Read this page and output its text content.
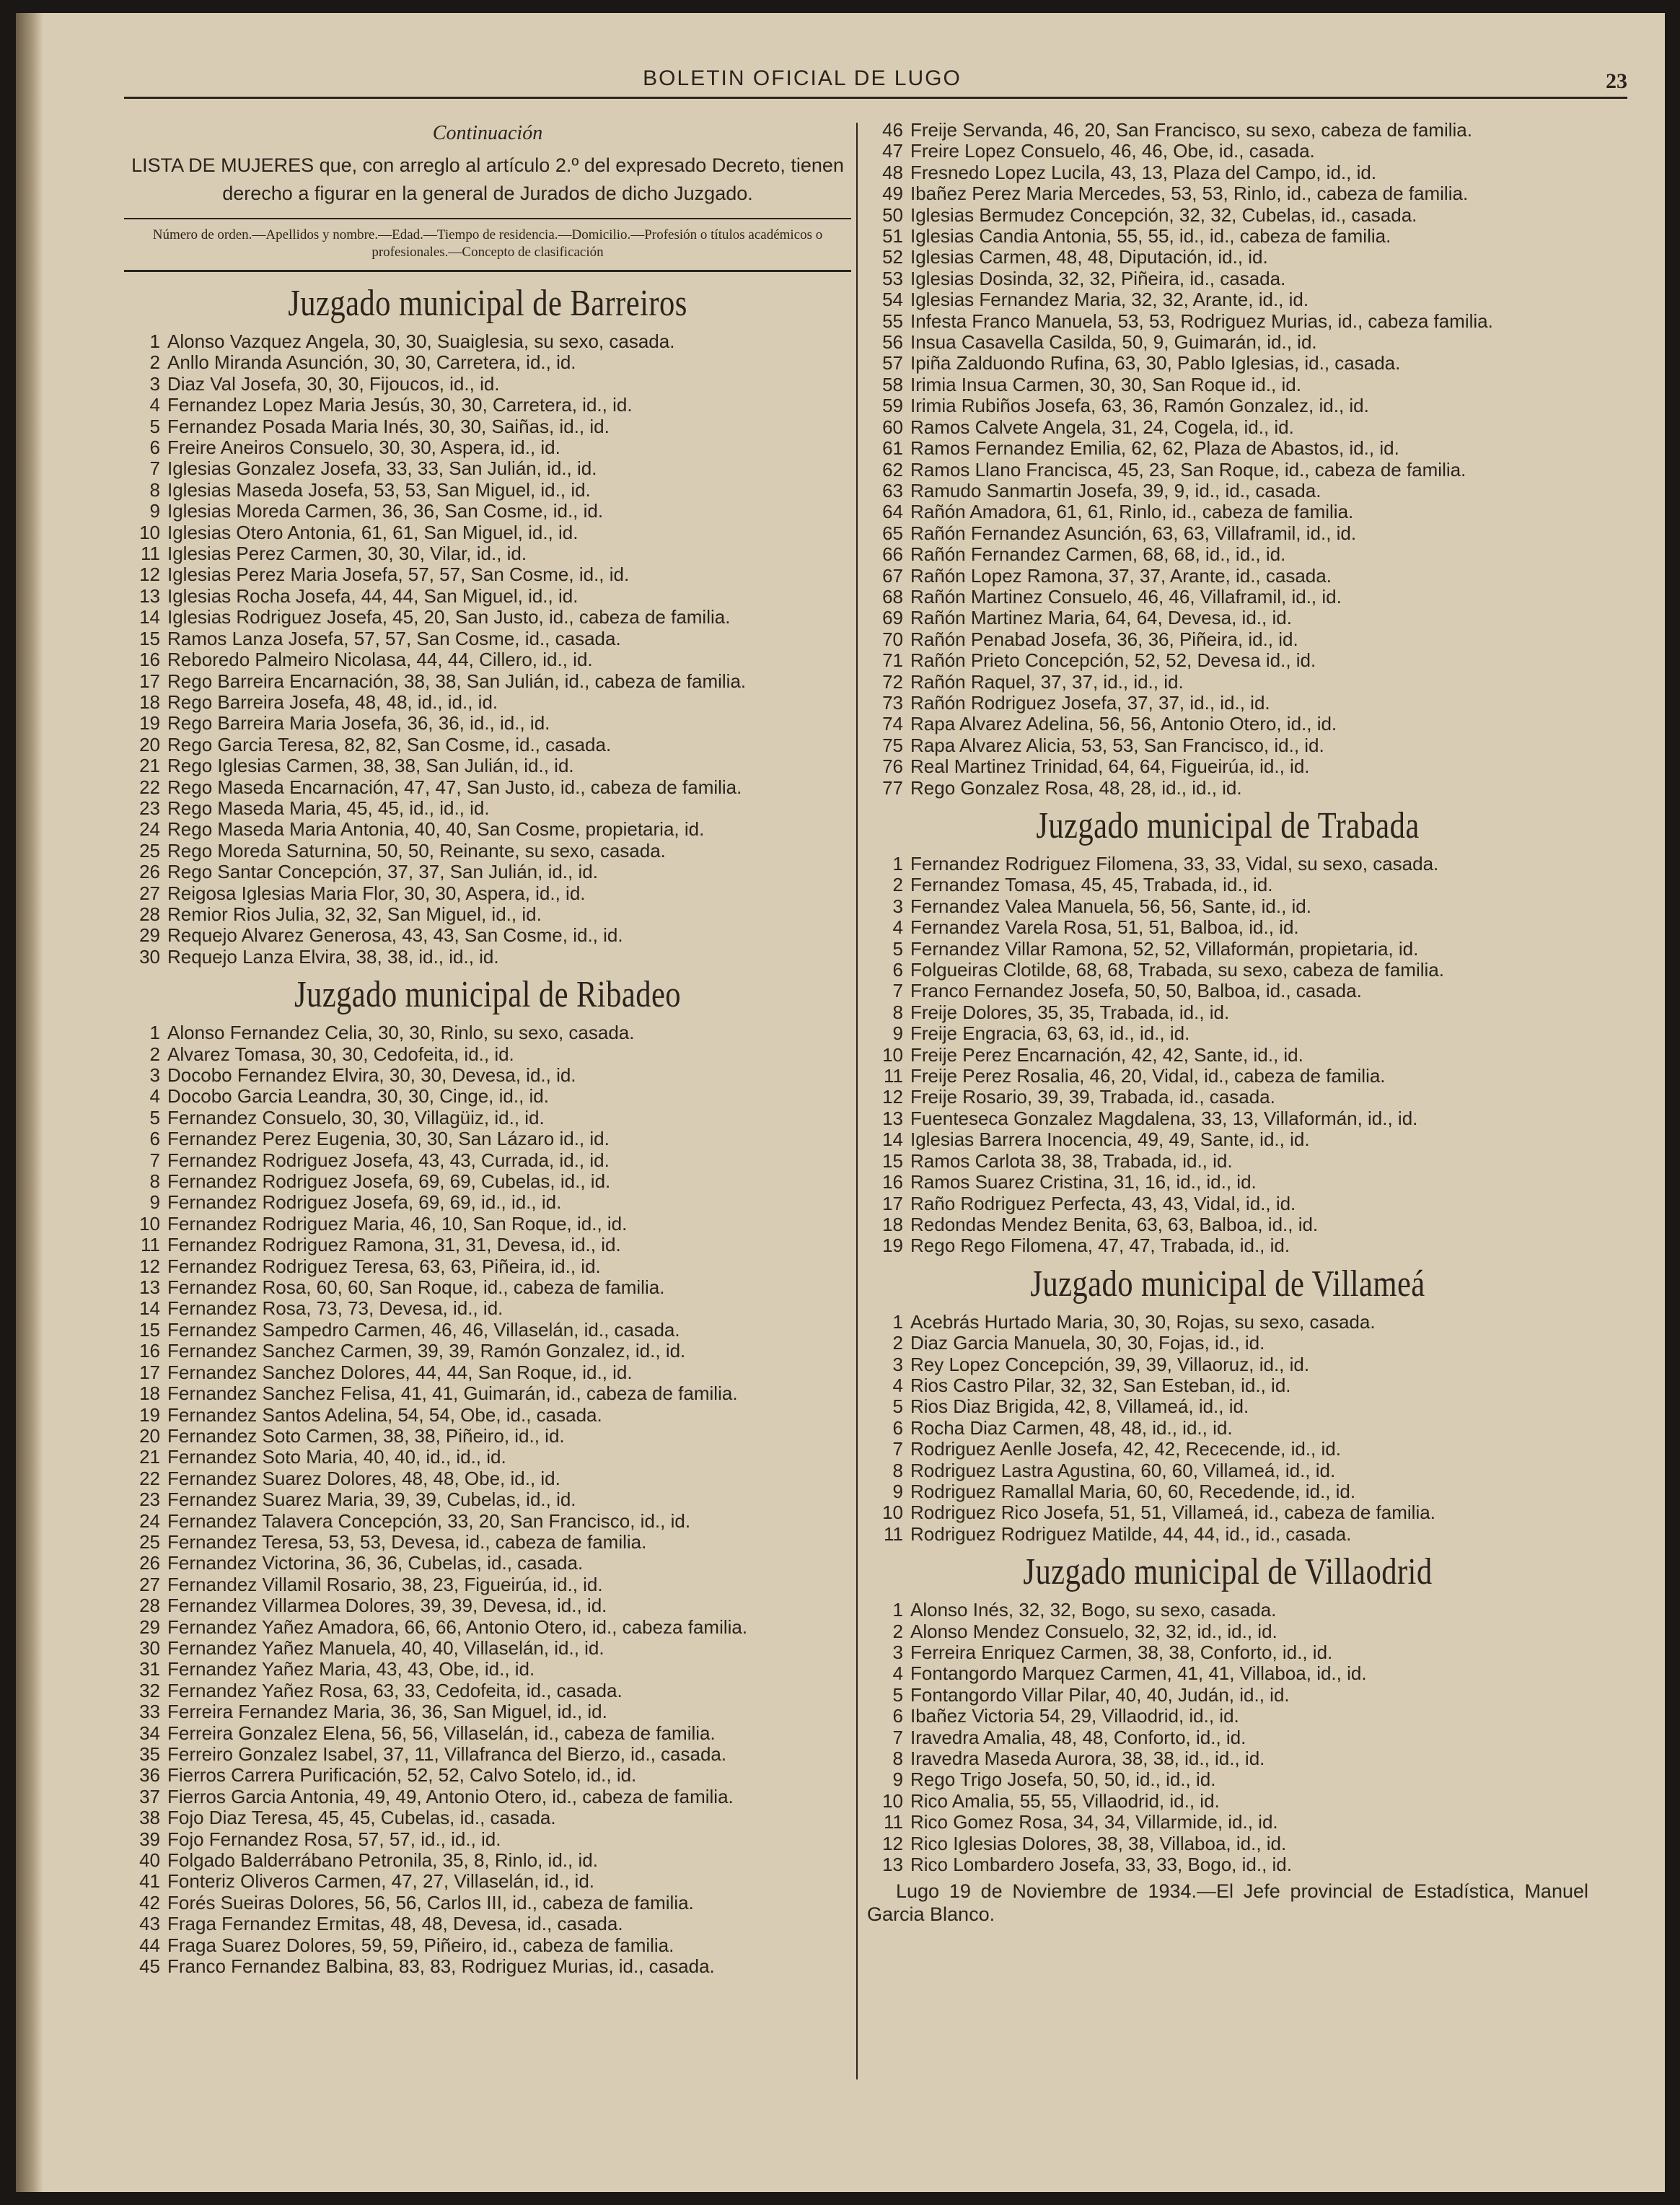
BOLETIN OFICIAL DE LUGO	23
Continuación
LISTA DE MUJERES que, con arreglo al artículo 2.º del expresado Decreto, tienen derecho a figurar en la general de Jurados de dicho Juzgado.
Número de orden.—Apellidos y nombre.—Edad.—Tiempo de residencia.—Domicilio.—Profesión o títulos académicos o profesionales.—Concepto de clasificación
Juzgado municipal de Barreiros
1 Alonso Vazquez Angela, 30, 30, Suaiglesia, su sexo, casada.
2 Anllo Miranda Asunción, 30, 30, Carretera, id., id.
3 Diaz Val Josefa, 30, 30, Fijoucos, id., id.
4 Fernandez Lopez Maria Jesús, 30, 30, Carretera, id., id.
5 Fernandez Posada Maria Inés, 30, 30, Saiñas, id., id.
6 Freire Aneiros Consuelo, 30, 30, Aspera, id., id.
7 Iglesias Gonzalez Josefa, 33, 33, San Julián, id., id.
8 Iglesias Maseda Josefa, 53, 53, San Miguel, id., id.
9 Iglesias Moreda Carmen, 36, 36, San Cosme, id., id.
10 Iglesias Otero Antonia, 61, 61, San Miguel, id., id.
11 Iglesias Perez Carmen, 30, 30, Vilar, id., id.
12 Iglesias Perez Maria Josefa, 57, 57, San Cosme, id., id.
13 Iglesias Rocha Josefa, 44, 44, San Miguel, id., id.
14 Iglesias Rodriguez Josefa, 45, 20, San Justo, id., cabeza de familia.
15 Ramos Lanza Josefa, 57, 57, San Cosme, id., casada.
16 Reboredo Palmeiro Nicolasa, 44, 44, Cillero, id., id.
17 Rego Barreira Encarnación, 38, 38, San Julián, id., cabeza de familia.
18 Rego Barreira Josefa, 48, 48, id., id., id.
19 Rego Barreira Maria Josefa, 36, 36, id., id., id.
20 Rego Garcia Teresa, 82, 82, San Cosme, id., casada.
21 Rego Iglesias Carmen, 38, 38, San Julián, id., id.
22 Rego Maseda Encarnación, 47, 47, San Justo, id., cabeza de familia.
23 Rego Maseda Maria, 45, 45, id., id., id.
24 Rego Maseda Maria Antonia, 40, 40, San Cosme, propietaria, id.
25 Rego Moreda Saturnina, 50, 50, Reinante, su sexo, casada.
26 Rego Santar Concepción, 37, 37, San Julián, id., id.
27 Reigosa Iglesias Maria Flor, 30, 30, Aspera, id., id.
28 Remior Rios Julia, 32, 32, San Miguel, id., id.
29 Requejo Alvarez Generosa, 43, 43, San Cosme, id., id.
30 Requejo Lanza Elvira, 38, 38, id., id., id.
Juzgado municipal de Ribadeo
1 Alonso Fernandez Celia, 30, 30, Rinlo, su sexo, casada.
2 Alvarez Tomasa, 30, 30, Cedofeita, id., id.
3 Docobo Fernandez Elvira, 30, 30, Devesa, id., id.
4 Docobo Garcia Leandra, 30, 30, Cinge, id., id.
5 Fernandez Consuelo, 30, 30, Villagüiz, id., id.
6 Fernandez Perez Eugenia, 30, 30, San Lázaro id., id.
7 Fernandez Rodriguez Josefa, 43, 43, Currada, id., id.
8 Fernandez Rodriguez Josefa, 69, 69, Cubelas, id., id.
9 Fernandez Rodriguez Josefa, 69, 69, id., id., id.
10 Fernandez Rodriguez Maria, 46, 10, San Roque, id., id.
11 Fernandez Rodriguez Ramona, 31, 31, Devesa, id., id.
12 Fernandez Rodriguez Teresa, 63, 63, Piñeira, id., id.
13 Fernandez Rosa, 60, 60, San Roque, id., cabeza de familia.
14 Fernandez Rosa, 73, 73, Devesa, id., id.
15 Fernandez Sampedro Carmen, 46, 46, Villaselán, id., casada.
16 Fernandez Sanchez Carmen, 39, 39, Ramón Gonzalez, id., id.
17 Fernandez Sanchez Dolores, 44, 44, San Roque, id., id.
18 Fernandez Sanchez Felisa, 41, 41, Guimarán, id., cabeza de familia.
19 Fernandez Santos Adelina, 54, 54, Obe, id., casada.
20 Fernandez Soto Carmen, 38, 38, Piñeiro, id., id.
21 Fernandez Soto Maria, 40, 40, id., id., id.
22 Fernandez Suarez Dolores, 48, 48, Obe, id., id.
23 Fernandez Suarez Maria, 39, 39, Cubelas, id., id.
24 Fernandez Talavera Concepción, 33, 20, San Francisco, id., id.
25 Fernandez Teresa, 53, 53, Devesa, id., cabeza de familia.
26 Fernandez Victorina, 36, 36, Cubelas, id., casada.
27 Fernandez Villamil Rosario, 38, 23, Figueirúa, id., id.
28 Fernandez Villarmea Dolores, 39, 39, Devesa, id., id.
29 Fernandez Yañez Amadora, 66, 66, Antonio Otero, id., cabeza familia.
30 Fernandez Yañez Manuela, 40, 40, Villaselán, id., id.
31 Fernandez Yañez Maria, 43, 43, Obe, id., id.
32 Fernandez Yañez Rosa, 63, 33, Cedofeita, id., casada.
33 Ferreira Fernandez Maria, 36, 36, San Miguel, id., id.
34 Ferreira Gonzalez Elena, 56, 56, Villaselán, id., cabeza de familia.
35 Ferreiro Gonzalez Isabel, 37, 11, Villafranca del Bierzo, id., casada.
36 Fierros Carrera Purificación, 52, 52, Calvo Sotelo, id., id.
37 Fierros Garcia Antonia, 49, 49, Antonio Otero, id., cabeza de familia.
38 Fojo Diaz Teresa, 45, 45, Cubelas, id., casada.
39 Fojo Fernandez Rosa, 57, 57, id., id., id.
40 Folgado Balderrábano Petronila, 35, 8, Rinlo, id., id.
41 Fonteriz Oliveros Carmen, 47, 27, Villaselán, id., id.
42 Forés Sueiras Dolores, 56, 56, Carlos III, id., cabeza de familia.
43 Fraga Fernandez Ermitas, 48, 48, Devesa, id., casada.
44 Fraga Suarez Dolores, 59, 59, Piñeiro, id., cabeza de familia.
45 Franco Fernandez Balbina, 83, 83, Rodriguez Murias, id., casada.
46 Freije Servanda, 46, 20, San Francisco, su sexo, cabeza de familia.
47 Freire Lopez Consuelo, 46, 46, Obe, id., casada.
48 Fresnedo Lopez Lucila, 43, 13, Plaza del Campo, id., id.
49 Ibañez Perez Maria Mercedes, 53, 53, Rinlo, id., cabeza de familia.
50 Iglesias Bermudez Concepción, 32, 32, Cubelas, id., casada.
51 Iglesias Candia Antonia, 55, 55, id., id., cabeza de familia.
52 Iglesias Carmen, 48, 48, Diputación, id., id.
53 Iglesias Dosinda, 32, 32, Piñeira, id., casada.
54 Iglesias Fernandez Maria, 32, 32, Arante, id., id.
55 Infesta Franco Manuela, 53, 53, Rodriguez Murias, id., cabeza familia.
56 Insua Casavella Casilda, 50, 9, Guimarán, id., id.
57 Ipiña Zalduondo Rufina, 63, 30, Pablo Iglesias, id., casada.
58 Irimia Insua Carmen, 30, 30, San Roque id., id.
59 Irimia Rubiños Josefa, 63, 36, Ramón Gonzalez, id., id.
60 Ramos Calvete Angela, 31, 24, Cogela, id., id.
61 Ramos Fernandez Emilia, 62, 62, Plaza de Abastos, id., id.
62 Ramos Llano Francisca, 45, 23, San Roque, id., cabeza de familia.
63 Ramudo Sanmartin Josefa, 39, 9, id., id., casada.
64 Rañón Amadora, 61, 61, Rinlo, id., cabeza de familia.
65 Rañón Fernandez Asunción, 63, 63, Villaframil, id., id.
66 Rañón Fernandez Carmen, 68, 68, id., id., id.
67 Rañón Lopez Ramona, 37, 37, Arante, id., casada.
68 Rañón Martinez Consuelo, 46, 46, Villaframil, id., id.
69 Rañón Martinez Maria, 64, 64, Devesa, id., id.
70 Rañón Penabad Josefa, 36, 36, Piñeira, id., id.
71 Rañón Prieto Concepción, 52, 52, Devesa id., id.
72 Rañón Raquel, 37, 37, id., id., id.
73 Rañón Rodriguez Josefa, 37, 37, id., id., id.
74 Rapa Alvarez Adelina, 56, 56, Antonio Otero, id., id.
75 Rapa Alvarez Alicia, 53, 53, San Francisco, id., id.
76 Real Martinez Trinidad, 64, 64, Figueirúa, id., id.
77 Rego Gonzalez Rosa, 48, 28, id., id., id.
Juzgado municipal de Trabada
1 Fernandez Rodriguez Filomena, 33, 33, Vidal, su sexo, casada.
2 Fernandez Tomasa, 45, 45, Trabada, id., id.
3 Fernandez Valea Manuela, 56, 56, Sante, id., id.
4 Fernandez Varela Rosa, 51, 51, Balboa, id., id.
5 Fernandez Villar Ramona, 52, 52, Villaformán, propietaria, id.
6 Folgueiras Clotilde, 68, 68, Trabada, su sexo, cabeza de familia.
7 Franco Fernandez Josefa, 50, 50, Balboa, id., casada.
8 Freije Dolores, 35, 35, Trabada, id., id.
9 Freije Engracia, 63, 63, id., id., id.
10 Freije Perez Encarnación, 42, 42, Sante, id., id.
11 Freije Perez Rosalia, 46, 20, Vidal, id., cabeza de familia.
12 Freije Rosario, 39, 39, Trabada, id., casada.
13 Fuenteseca Gonzalez Magdalena, 33, 13, Villaformán, id., id.
14 Iglesias Barrera Inocencia, 49, 49, Sante, id., id.
15 Ramos Carlota 38, 38, Trabada, id., id.
16 Ramos Suarez Cristina, 31, 16, id., id., id.
17 Raño Rodriguez Perfecta, 43, 43, Vidal, id., id.
18 Redondas Mendez Benita, 63, 63, Balboa, id., id.
19 Rego Rego Filomena, 47, 47, Trabada, id., id.
Juzgado municipal de Villameá
1 Acebrás Hurtado Maria, 30, 30, Rojas, su sexo, casada.
2 Diaz Garcia Manuela, 30, 30, Fojas, id., id.
3 Rey Lopez Concepción, 39, 39, Villaoruz, id., id.
4 Rios Castro Pilar, 32, 32, San Esteban, id., id.
5 Rios Diaz Brigida, 42, 8, Villameá, id., id.
6 Rocha Diaz Carmen, 48, 48, id., id., id.
7 Rodriguez Aenlle Josefa, 42, 42, Rececende, id., id.
8 Rodriguez Lastra Agustina, 60, 60, Villameá, id., id.
9 Rodriguez Ramallal Maria, 60, 60, Recedende, id., id.
10 Rodriguez Rico Josefa, 51, 51, Villameá, id., cabeza de familia.
11 Rodriguez Rodriguez Matilde, 44, 44, id., id., casada.
Juzgado municipal de Villaodrid
1 Alonso Inés, 32, 32, Bogo, su sexo, casada.
2 Alonso Mendez Consuelo, 32, 32, id., id., id.
3 Ferreira Enriquez Carmen, 38, 38, Conforto, id., id.
4 Fontangordo Marquez Carmen, 41, 41, Villaboa, id., id.
5 Fontangordo Villar Pilar, 40, 40, Judán, id., id.
6 Ibañez Victoria 54, 29, Villaodrid, id., id.
7 Iravedra Amalia, 48, 48, Conforto, id., id.
8 Iravedra Maseda Aurora, 38, 38, id., id., id.
9 Rego Trigo Josefa, 50, 50, id., id., id.
10 Rico Amalia, 55, 55, Villaodrid, id., id.
11 Rico Gomez Rosa, 34, 34, Villarmide, id., id.
12 Rico Iglesias Dolores, 38, 38, Villaboa, id., id.
13 Rico Lombardero Josefa, 33, 33, Bogo, id., id.
Lugo 19 de Noviembre de 1934.—El Jefe provincial de Estadística, Manuel Garcia Blanco.
